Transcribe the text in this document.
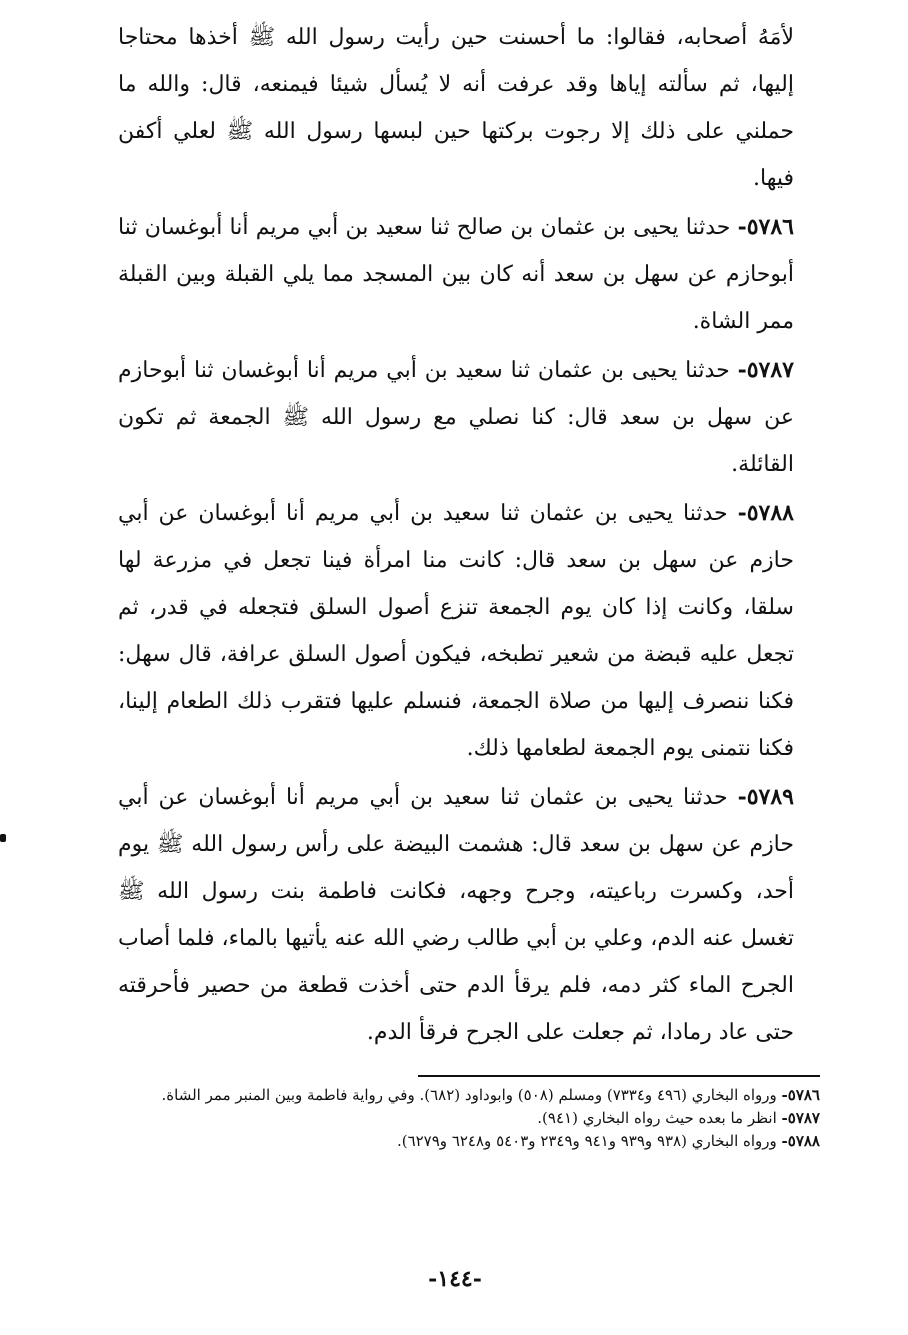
لأمَهُ أصحابه، فقالوا: ما أحسنت حين رأيت رسول الله ﷺ أخذها محتاجا إليها، ثم سألته إياها وقد عرفت أنه لا يُسأل شيئا فيمنعه، قال: والله ما حملني على ذلك إلا رجوت بركتها حين لبسها رسول الله ﷺ لعلي أكفن فيها.

٥٧٨٦- حدثنا يحيى بن عثمان بن صالح ثنا سعيد بن أبي مريم أنا أبوغسان ثنا أبوحازم عن سهل بن سعد أنه كان بين المسجد مما يلي القبلة وبين القبلة ممر الشاة.

٥٧٨٧- حدثنا يحيى بن عثمان ثنا سعيد بن أبي مريم أنا أبوغسان ثنا أبوحازم عن سهل بن سعد قال: كنا نصلي مع رسول الله ﷺ الجمعة ثم تكون القائلة.

٥٧٨٨- حدثنا يحيى بن عثمان ثنا سعيد بن أبي مريم أنا أبوغسان عن أبي حازم عن سهل بن سعد قال: كانت منا امرأة فينا تجعل في مزرعة لها سلقا، وكانت إذا كان يوم الجمعة تنزع أصول السلق فتجعله في قدر، ثم تجعل عليه قبضة من شعير تطبخه، فيكون أصول السلق عرافة، قال سهل: فكنا ننصرف إليها من صلاة الجمعة، فنسلم عليها فتقرب ذلك الطعام إلينا، فكنا نتمنى يوم الجمعة لطعامها ذلك.

٥٧٨٩- حدثنا يحيى بن عثمان ثنا سعيد بن أبي مريم أنا أبوغسان عن أبي حازم عن سهل بن سعد قال: هشمت البيضة على رأس رسول الله ﷺ يوم أحد، وكسرت رباعيته، وجرح وجهه، فكانت فاطمة بنت رسول الله ﷺ تغسل عنه الدم، وعلي بن أبي طالب رضي الله عنه يأتيها بالماء، فلما أصاب الجرح الماء كثر دمه، فلم يرقأ الدم حتى أخذت قطعة من حصير فأحرقته حتى عاد رمادا، ثم جعلت على الجرح فرقأ الدم.

٥٧٨٦- ورواه البخاري (٤٩٦ و٧٣٣٤) ومسلم (٥٠٨) وابوداود (٦٨٢). وفي رواية فاطمة وبين المنبر ممر الشاة.

٥٧٨٧- انظر ما بعده حيث رواه البخاري (٩٤١).

٥٧٨٨- ورواه البخاري (٩٣٨ و٩٣٩ و٩٤١ و٢٣٤٩ و٥٤٠٣ و٦٢٤٨ و٦٢٧٩).

-١٤٤-
